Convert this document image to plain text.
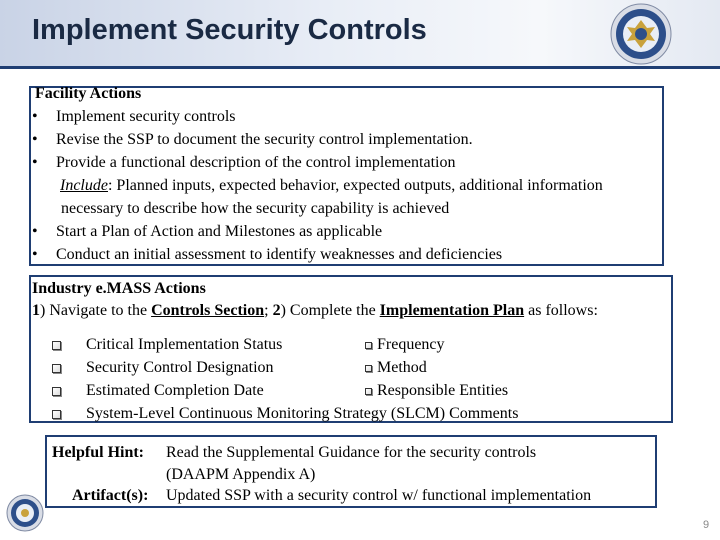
Implement Security Controls
Facility Actions
• Implement security controls
• Revise the SSP to document the security control implementation.
• Provide a functional description of the control implementation
Include: Planned inputs, expected behavior, expected outputs, additional information
necessary to describe how the security capability is achieved
• Start a Plan of Action and Milestones as applicable
• Conduct an initial assessment to identify weaknesses and deficiencies
Industry e.MASS Actions
1) Navigate to the Controls Section; 2) Complete the Implementation Plan as follows:
Critical Implementation Status	Frequency
Security Control Designation	Method
Estimated Completion Date	Responsible Entities
System-Level Continuous Monitoring Strategy (SLCM) Comments
Helpful Hint: Read the Supplemental Guidance for the security controls
(DAAPM Appendix A)
Artifact(s): Updated SSP with a security control w/ functional implementation
9
